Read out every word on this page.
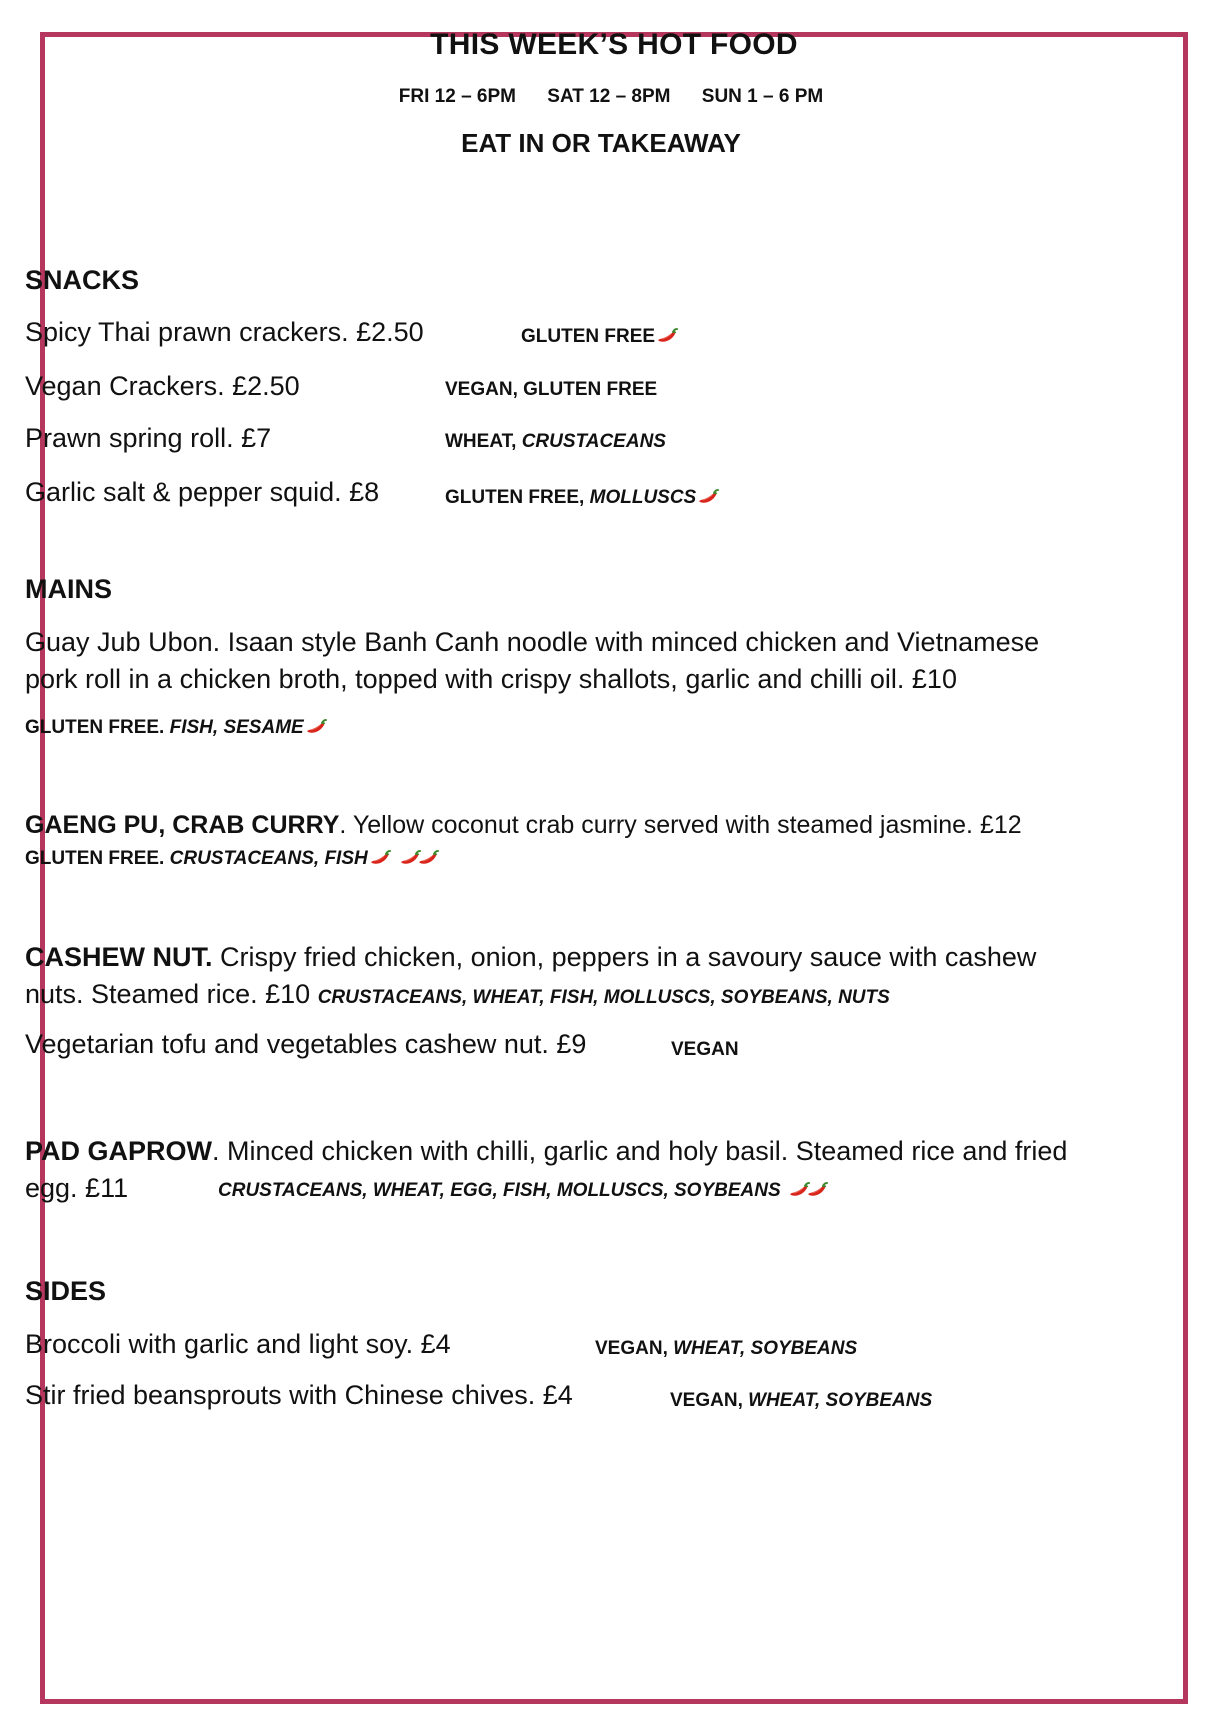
THIS WEEK’S HOT FOOD
FRI 12 – 6PM SAT 12 – 8PM SUN 1 – 6 PM
EAT IN OR TAKEAWAY
SNACKS
Spicy Thai prawn crackers. £2.50	GLUTEN FREE
Vegan Crackers. £2.50	VEGAN, GLUTEN FREE
Prawn spring roll. £7	WHEAT, CRUSTACEANS
Garlic salt & pepper squid. £8	GLUTEN FREE, MOLLUSCS
MAINS
Guay Jub Ubon. Isaan style Banh Canh noodle with minced chicken and Vietnamese
pork roll in a chicken broth, topped with crispy shallots, garlic and chilli oil. £10
GLUTEN FREE. FISH, SESAME
GAENG PU, CRAB CURRY. Yellow coconut crab curry served with steamed jasmine. £12
GLUTEN FREE. CRUSTACEANS, FISH
CASHEW NUT. Crispy fried chicken, onion, peppers in a savoury sauce with cashew
nuts. Steamed rice. £10 CRUSTACEANS, WHEAT, FISH, MOLLUSCS, SOYBEANS, NUTS
Vegetarian tofu and vegetables cashew nut. £9	VEGAN
PAD GAPROW. Minced chicken with chilli, garlic and holy basil. Steamed rice and fried
egg. £11	CRUSTACEANS, WHEAT, EGG, FISH, MOLLUSCS, SOYBEANS
SIDES
Broccoli with garlic and light soy. £4	VEGAN, WHEAT, SOYBEANS
Stir fried beansprouts with Chinese chives. £4	VEGAN, WHEAT, SOYBEANS
